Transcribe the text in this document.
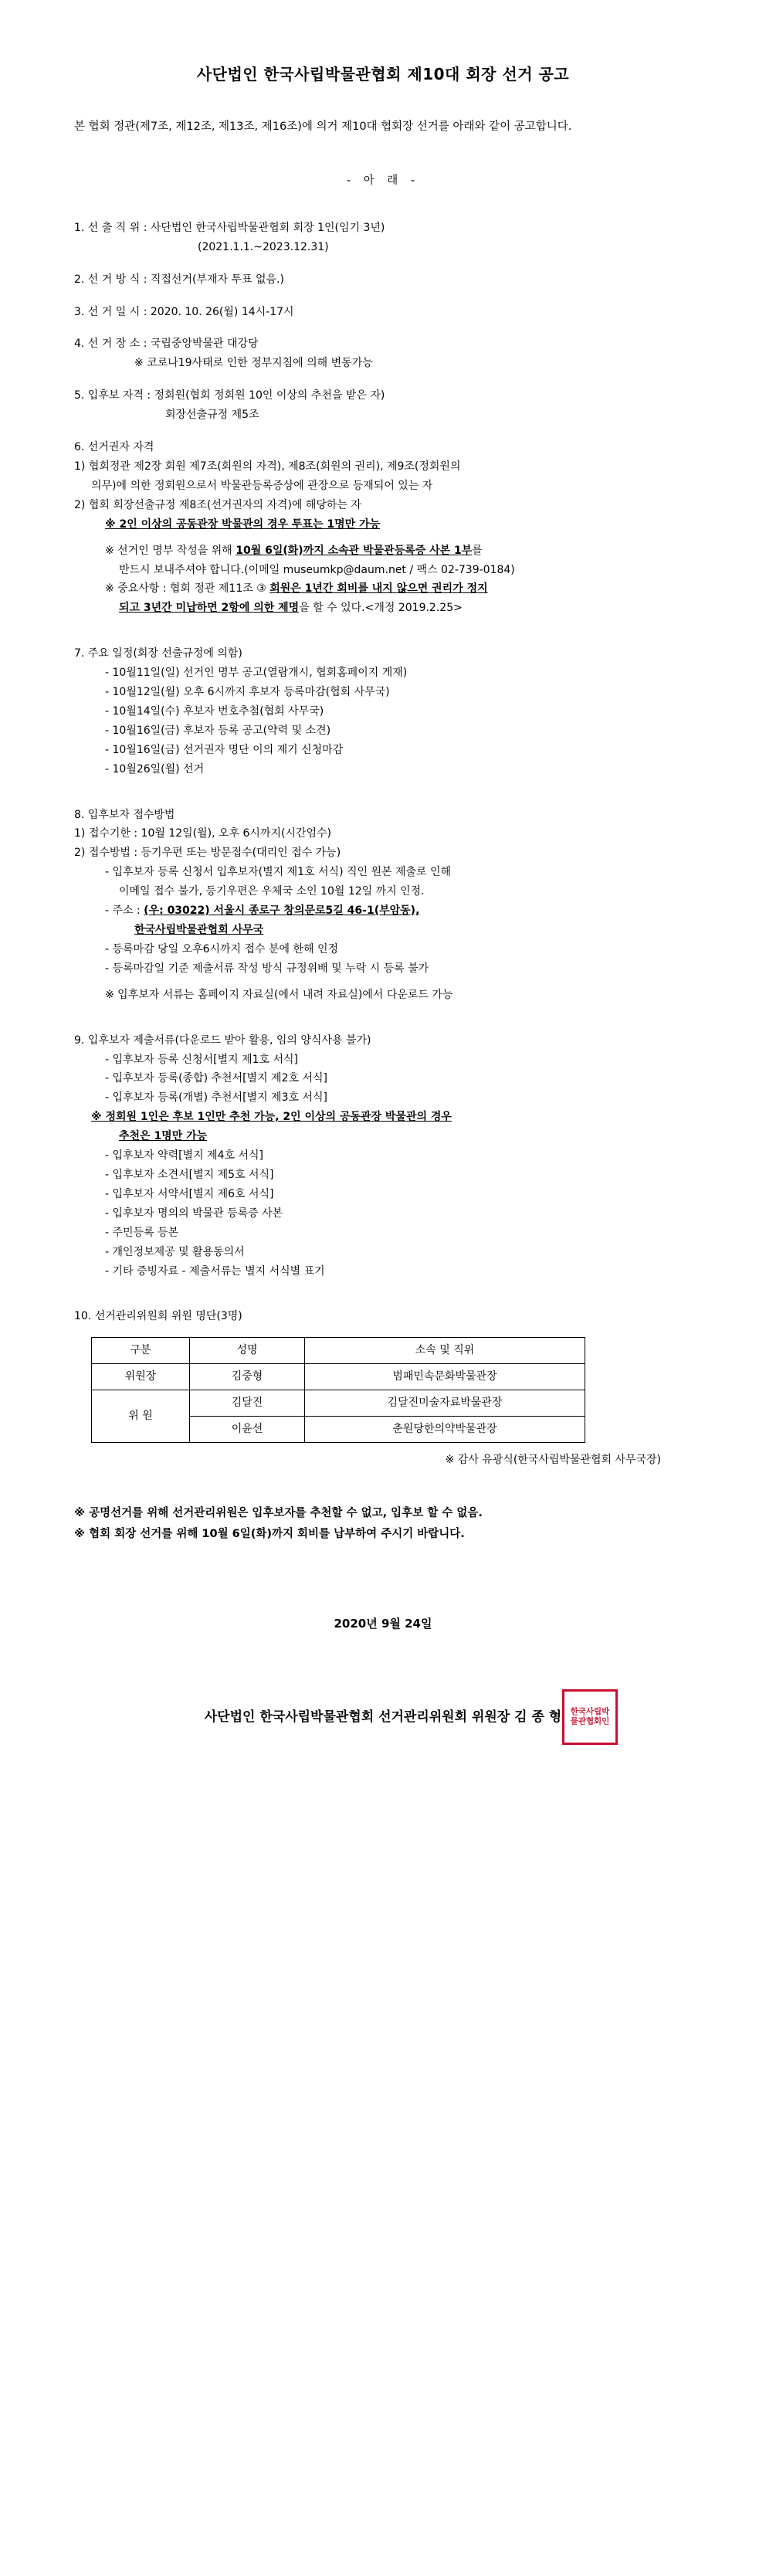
사단법인 한국사립박물관협회 제10대 회장 선거 공고
본 협회 정관(제7조, 제12조, 제13조, 제16조)에 의거 제10대 협회장 선거를 아래와 같이 공고합니다.
- 아 래 -
1. 선 출 직 위 : 사단법인 한국사립박물관협회 회장 1인(임기 3년)
(2021.1.1.~2023.12.31)
2. 선 거 방 식 : 직접선거(부재자 투표 없음.)
3. 선 거 일 시 : 2020. 10. 26(월) 14시-17시
4. 선 거 장 소 : 국립중앙박물관 대강당
※ 코로나19사태로 인한 정부지침에 의해 변동가능
5. 입후보 자격 : 정회원(협회 정회원 10인 이상의 추천을 받은 자)
회장선출규정 제5조
6. 선거권자 자격
1) 협회정관 제2장 회원 제7조(회원의 자격), 제8조(회원의 권리), 제9조(정회원의
의무)에 의한 정회원으로서 박물관등록증상에 관장으로 등재되어 있는 자
2) 협회 회장선출규정 제8조(선거권자의 자격)에 해당하는 자
※ 2인 이상의 공동관장 박물관의 경우 투표는 1명만 가능
※ 선거인 명부 작성을 위해 10월 6일(화)까지 소속관 박물관등록증 사본 1부를
반드시 보내주셔야 합니다.(이메일 museumkp@daum.net / 팩스 02-739-0184)
※ 중요사항 : 협회 정관 제11조 ③ 회원은 1년간 회비를 내지 않으면 권리가 정지
되고 3년간 미납하면 2항에 의한 제명을 할 수 있다.<개정 2019.2.25>
7. 주요 일정(회장 선출규정에 의함)
- 10월11일(일) 선거인 명부 공고(열람개시, 협회홈페이지 게재)
- 10월12일(월) 오후 6시까지 후보자 등록마감(협회 사무국)
- 10월14일(수) 후보자 번호추첨(협회 사무국)
- 10월16일(금) 후보자 등록 공고(약력 및 소견)
- 10월16일(금) 선거권자 명단 이의 제기 신청마감
- 10월26일(월) 선거
8. 입후보자 접수방법
1) 접수기한 : 10월 12일(월), 오후 6시까지(시간엄수)
2) 접수방법 : 등기우편 또는 방문접수(대리인 접수 가능)
- 입후보자 등록 신청서 입후보자(별지 제1호 서식) 직인 원본 제출로 인해
이메일 접수 불가, 등기우편은 우체국 소인 10월 12일 까지 인정.
- 주소 : (우: 03022) 서울시 종로구 창의문로5길 46-1(부암동),
한국사립박물관협회 사무국
- 등록마감 당일 오후6시까지 접수 분에 한해 인정
- 등록마감일 기준 제출서류 작성 방식 규정위배 및 누락 시 등록 불가
※ 입후보자 서류는 홈페이지 자료실(에서 내려 자료실)에서 다운로드 가능
9. 입후보자 제출서류(다운로드 받아 활용, 임의 양식사용 불가)
- 입후보자 등록 신청서[별지 제1호 서식]
- 입후보자 등록(종합) 추천서[별지 제2호 서식]
- 입후보자 등록(개별) 추천서[별지 제3호 서식]
※ 정회원 1인은 후보 1인만 추천 가능, 2인 이상의 공동관장 박물관의 경우
추천은 1명만 가능
- 입후보자 약력[별지 제4호 서식]
- 입후보자 소견서[별지 제5호 서식]
- 입후보자 서약서[별지 제6호 서식]
- 입후보자 명의의 박물관 등록증 사본
- 주민등록 등본
- 개인정보제공 및 활용동의서
- 기타 증빙자료 - 제출서류는 별지 서식별 표기
10. 선거관리위원회 위원 명단(3명)
구분	성명	소속 및 직위
위원장	김중형	범패민속문화박물관장
위 원	김달진	김달진미술자료박물관장
	이윤선	춘원당한의약박물관장
※ 감사 유광식(한국사립박물관협회 사무국장)
※ 공명선거를 위해 선거관리위원은 입후보자를 추천할 수 없고, 입후보 할 수 없음.
※ 협회 회장 선거를 위해 10월 6일(화)까지 회비를 납부하여 주시기 바랍니다.
2020년 9월 24일
사단법인 한국사립박물관협회 선거관리위원회 위원장 김 종 형 한국사립박물관협회인
